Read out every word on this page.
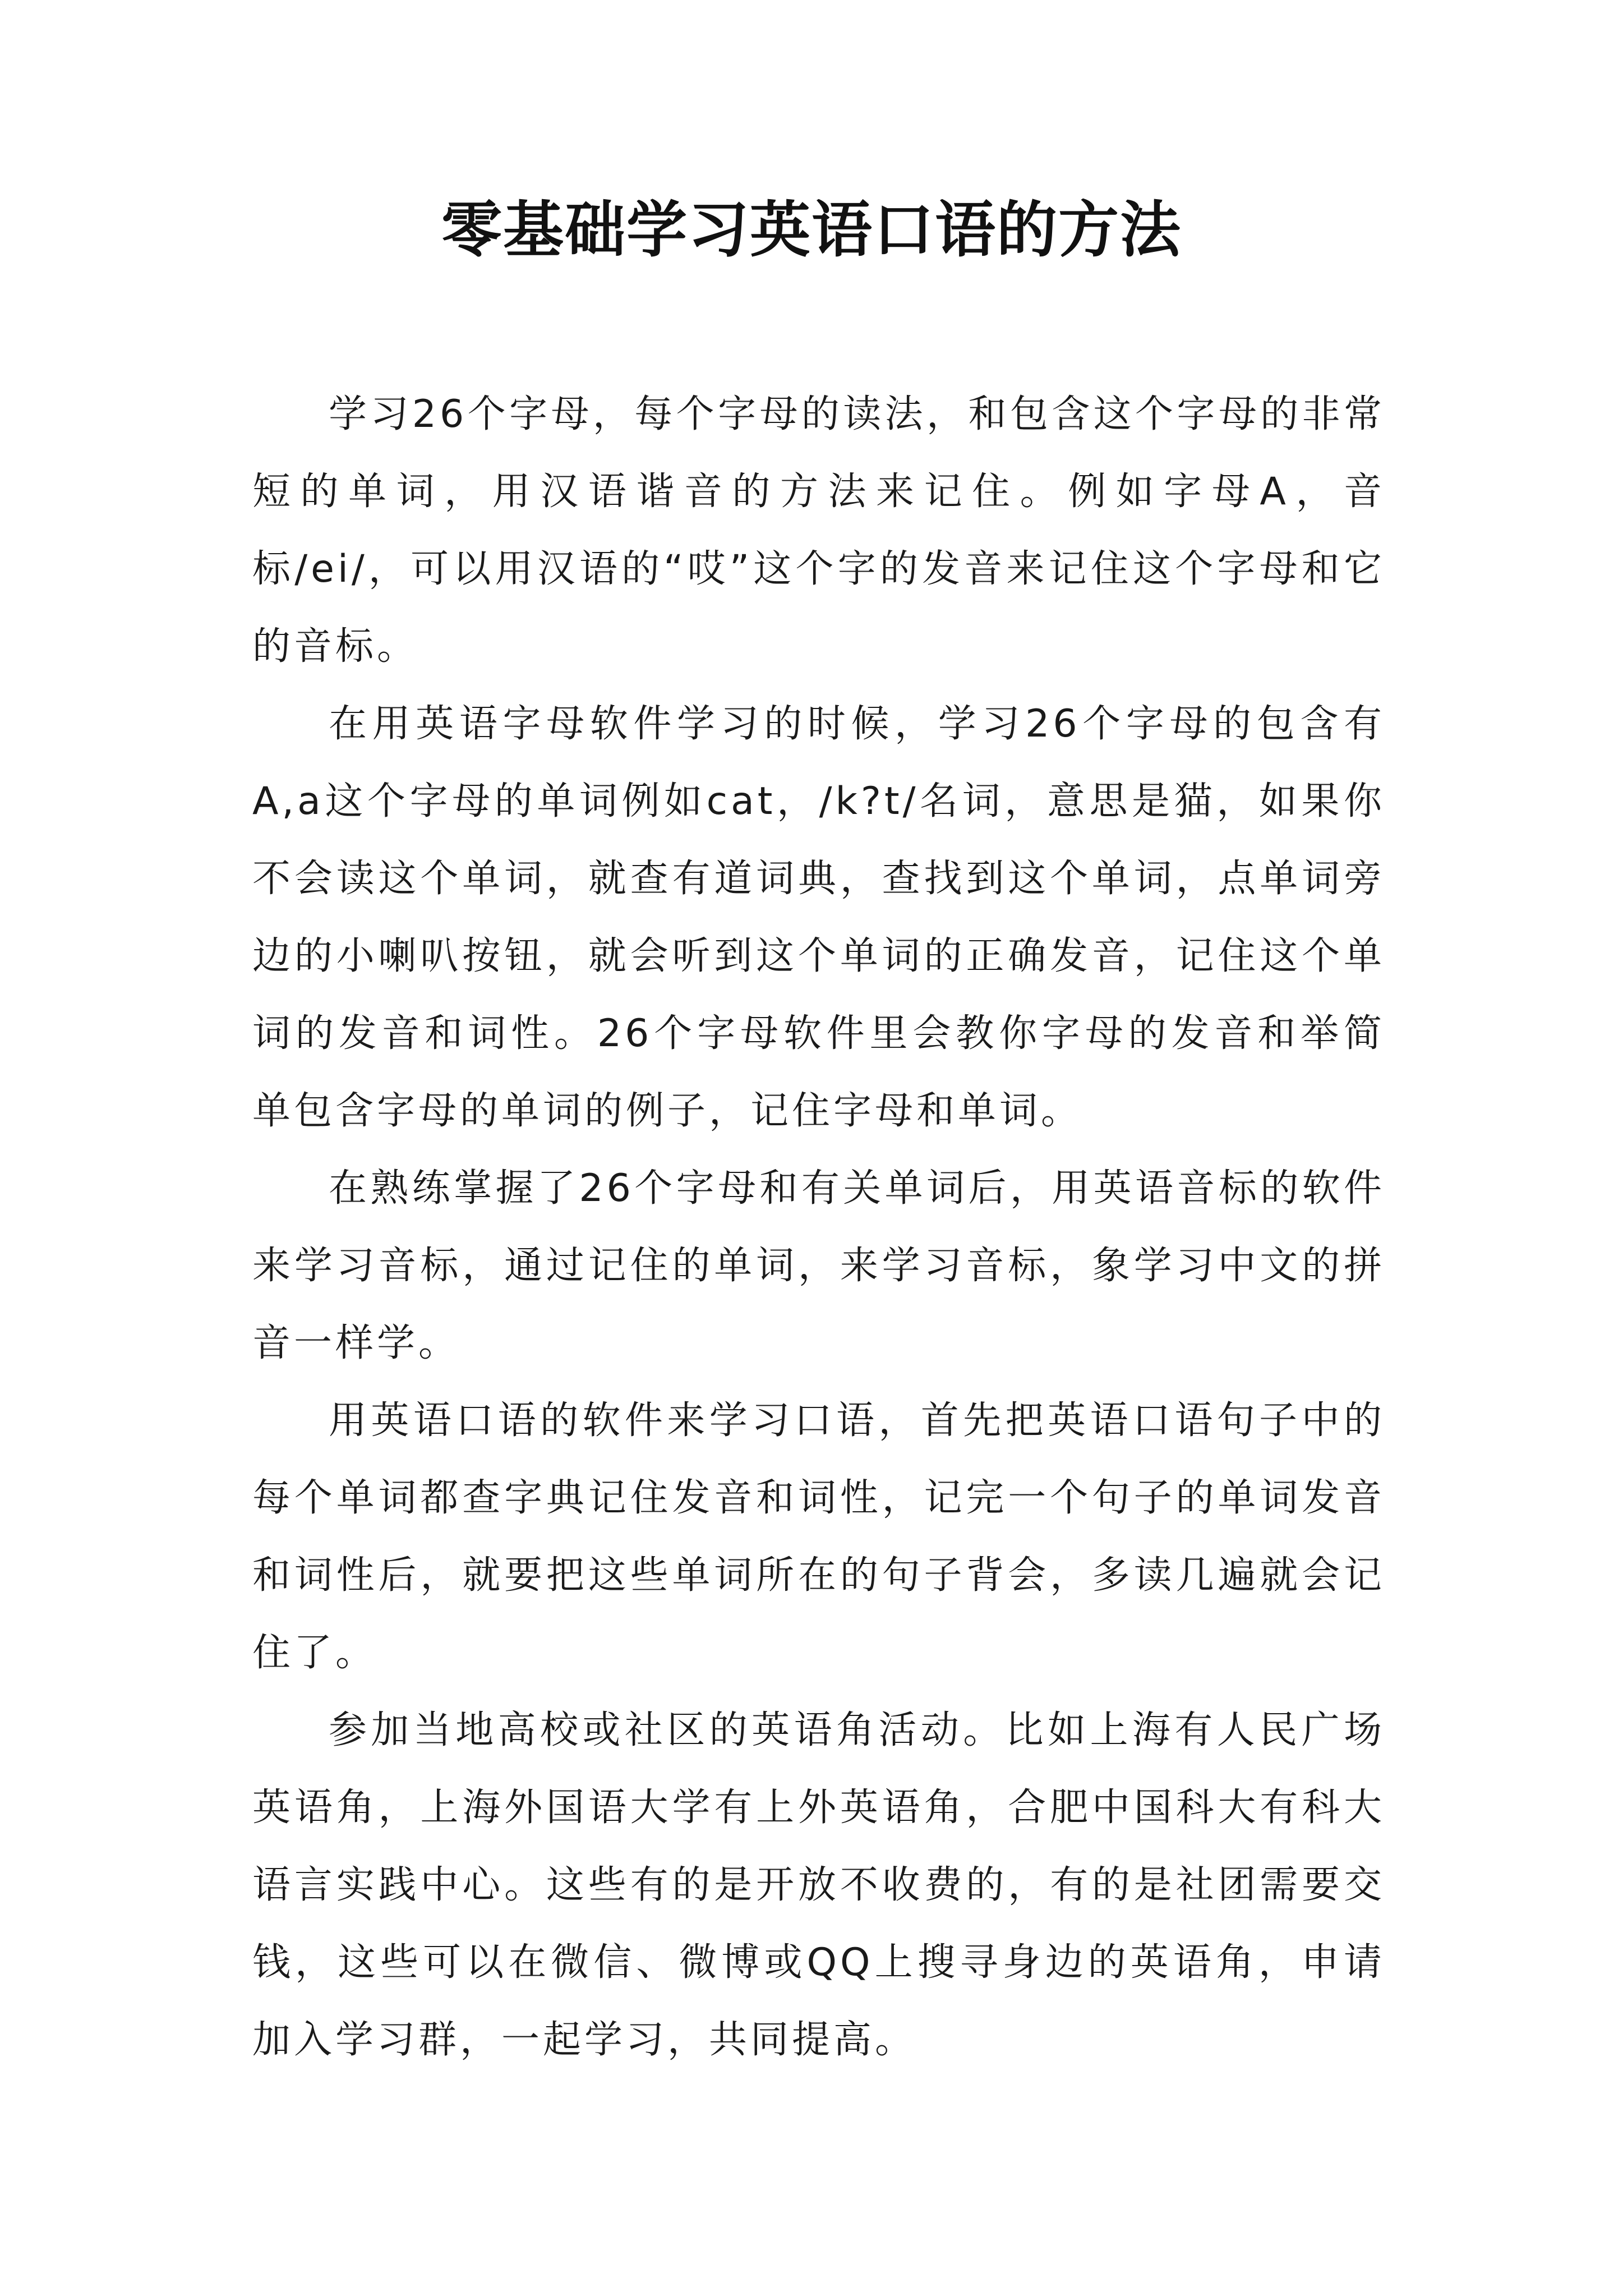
零基础学习英语口语的方法

学习26个字母，每个字母的读法，和包含这个字母的非常短的单词，用汉语谐音的方法来记住。例如字母A，音标/ei/，可以用汉语的“哎”这个字的发音来记住这个字母和它的音标。

在用英语字母软件学习的时候，学习26个字母的包含有A,a这个字母的单词例如cat，/k?t/名词，意思是猫，如果你不会读这个单词，就查有道词典，查找到这个单词，点单词旁边的小喇叭按钮，就会听到这个单词的正确发音，记住这个单词的发音和词性。26个字母软件里会教你字母的发音和举简单包含字母的单词的例子，记住字母和单词。

在熟练掌握了26个字母和有关单词后，用英语音标的软件来学习音标，通过记住的单词，来学习音标，象学习中文的拼音一样学。

用英语口语的软件来学习口语，首先把英语口语句子中的每个单词都查字典记住发音和词性，记完一个句子的单词发音和词性后，就要把这些单词所在的句子背会，多读几遍就会记住了。

参加当地高校或社区的英语角活动。比如上海有人民广场英语角，上海外国语大学有上外英语角，合肥中国科大有科大语言实践中心。这些有的是开放不收费的，有的是社团需要交钱，这些可以在微信、微博或QQ上搜寻身边的英语角，申请加入学习群，一起学习，共同提高。
